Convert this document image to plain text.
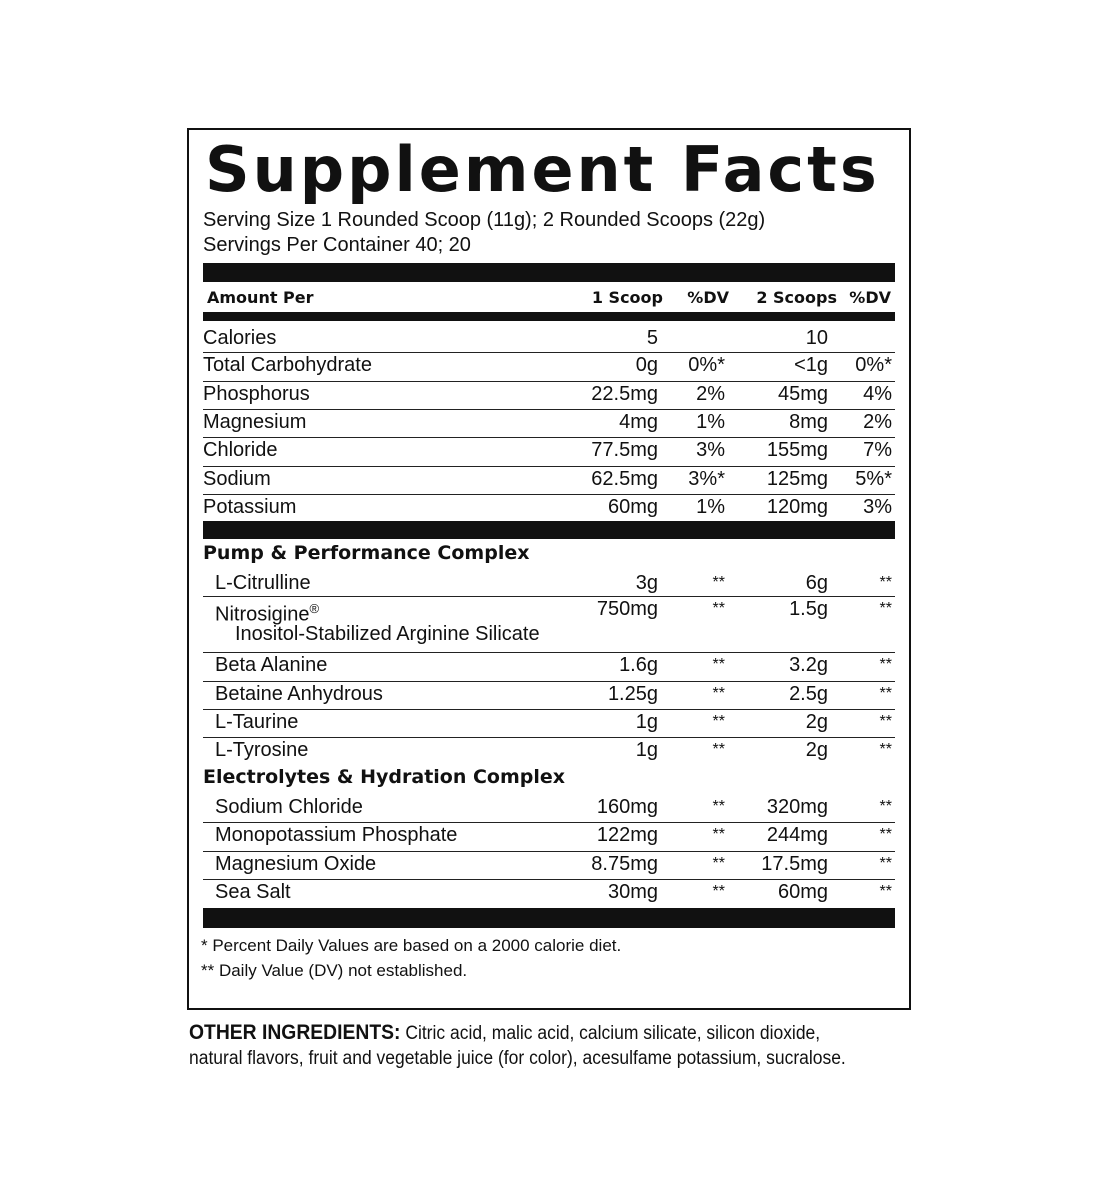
Supplement Facts
Serving Size 1 Rounded Scoop (11g); 2 Rounded Scoops (22g)
Servings Per Container 40; 20
Amount Per	1 Scoop %DV 2 Scoops %DV
Calories	5	10
Total Carbohydrate	0g 0%*	<1g 0%*
Phosphorus	22.5mg 2%	45mg 4%
Magnesium	4mg 1%	8mg 2%
Chloride	77.5mg 3% 155mg 7%
Sodium	62.5mg 3%* 125mg 5%*
Potassium	60mg 1% 120mg 3%
Pump & Performance Complex
L-Citrulline	3g	**	6g	**
Nitrosigine®
Inositol-Stabilized Arginine Silicate
750mg	**	1.5g	**
Beta Alanine	1.6g	**	3.2g	**
Betaine Anhydrous	1.25g	**	2.5g	**
L-Taurine	1g	**	2g	**
L-Tyrosine	1g	**	2g	**
Electrolytes & Hydration Complex
Sodium Chloride	160mg	** 320mg	**
Monopotassium Phosphate	122mg	** 244mg	**
Magnesium Oxide	8.75mg	** 17.5mg	**
Sea Salt	30mg	**	60mg	**
* Percent Daily Values are based on a 2000 calorie diet.
** Daily Value (DV) not established.
OTHER INGREDIENTS: Citric acid, malic acid, calcium silicate, silicon dioxide, natural flavors, fruit and vegetable juice (for color), acesulfame potassium, sucralose.
